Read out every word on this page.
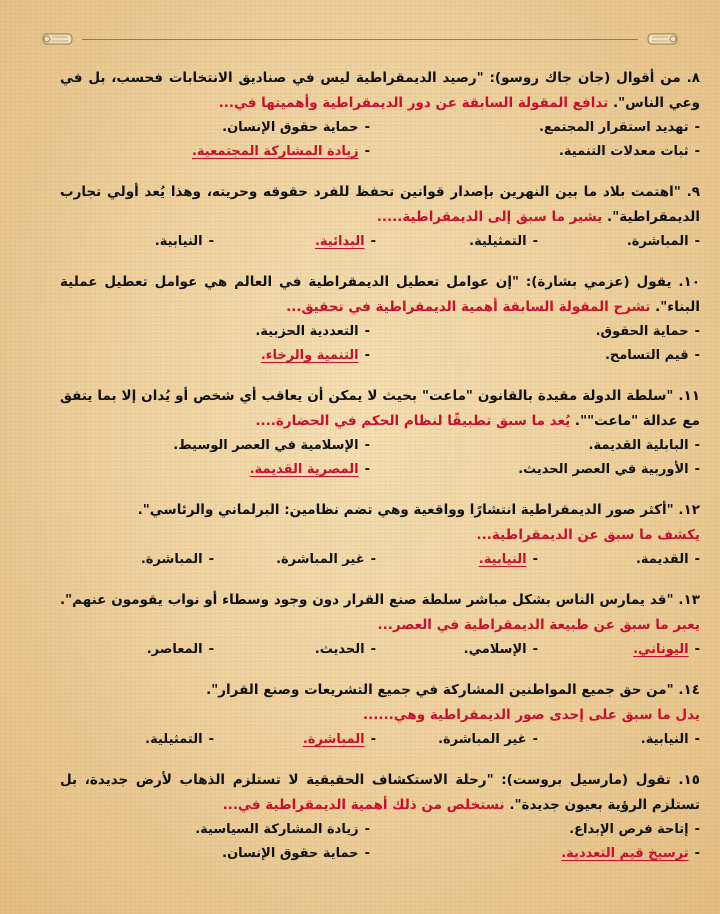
٨. من أقوال (جان جاك روسو): "رصيد الديمقراطية ليس في صناديق الانتخابات فحسب، بل في وعي الناس". تدافع المقولة السابقة عن دور الديمقراطية وأهميتها في...
-تهديد استقرار المجتمع.
-حماية حقوق الإنسان.
-ثبات معدلات التنمية.
-زيادة المشاركة المجتمعية.
٩. "اهتمت بلاد ما بين النهرين بإصدار قوانين تحفظ للفرد حقوقه وحريته، وهذا يُعد أولي تجارب الديمقراطية". يشير ما سبق إلى الديمقراطية.....
-المباشرة.
-التمثيلية.
-البدائية.
-النيابية.
١٠. يقول (عزمي بشارة): "إن عوامل تعطيل الديمقراطية في العالم هي عوامل تعطيل عملية البناء". تشرح المقولة السابقة أهمية الديمقراطية في تحقيق...
-حماية الحقوق.
-التعددية الحزبية.
-قيم التسامح.
-التنمية والرخاء.
١١. "سلطة الدولة مقيدة بالقانون "ماعت" بحيث لا يمكن أن يعاقب أي شخص أو يُدان إلا بما يتفق مع عدالة "ماعت"". يُعد ما سبق تطبيقًا لنظام الحكم في الحضارة....
-البابلية القديمة.
-الإسلامية في العصر الوسيط.
-الأوربية في العصر الحديث.
-المصرية القديمة.
١٢. "أكثر صور الديمقراطية انتشارًا وواقعية وهي تضم نظامين: البرلماني والرئاسي".
يكشف ما سبق عن الديمقراطية...
-القديمة.
-النيابية.
-غير المباشرة.
-المباشرة.
١٣. "قد يمارس الناس بشكل مباشر سلطة صنع القرار دون وجود وسطاء أو نواب يقومون عنهم". يعبر ما سبق عن طبيعة الديمقراطية في العصر...
-اليوناني.
-الإسلامي.
-الحديث.
-المعاصر.
١٤. "من حق جميع المواطنين المشاركة في جميع التشريعات وصنع القرار".
يدل ما سبق على إحدى صور الديمقراطية وهي......
-النيابية.
-غير المباشرة.
-المباشرة.
-التمثيلية.
١٥. تقول (مارسيل بروست): "رحلة الاستكشاف الحقيقية لا تستلزم الذهاب لأرض جديدة، بل تستلزم الرؤية بعيون جديدة". نستخلص من ذلك أهمية الديمقراطية في...
-إتاحة فرص الإبداع.
-زيادة المشاركة السياسية.
-ترسيخ قيم التعددية.
-حماية حقوق الإنسان.
